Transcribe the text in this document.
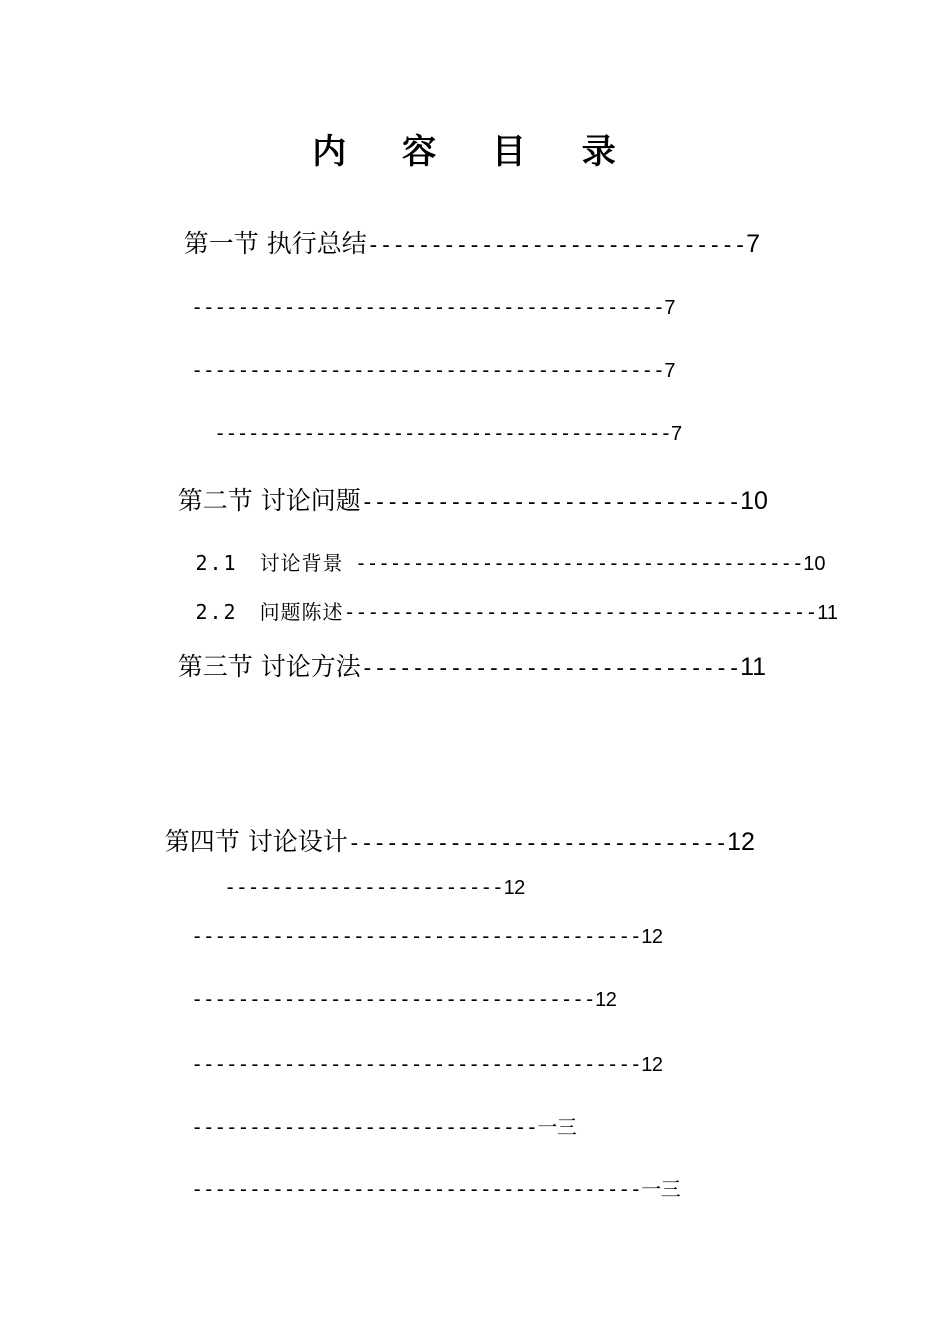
内 容 目 录

第一节 执行总结------------------------------7

-----------------------------------------7

-----------------------------------------7

-----------------------------------------7

第二节 讨论问题------------------------------10

2.1 讨论背景 ---------------------------------------10

2.2 问题陈述----------------------------------------11

第三节 讨论方法------------------------------11

第四节 讨论设计------------------------------12

------------------------12

---------------------------------------12

-----------------------------------12

---------------------------------------12

------------------------------一三

---------------------------------------一三
